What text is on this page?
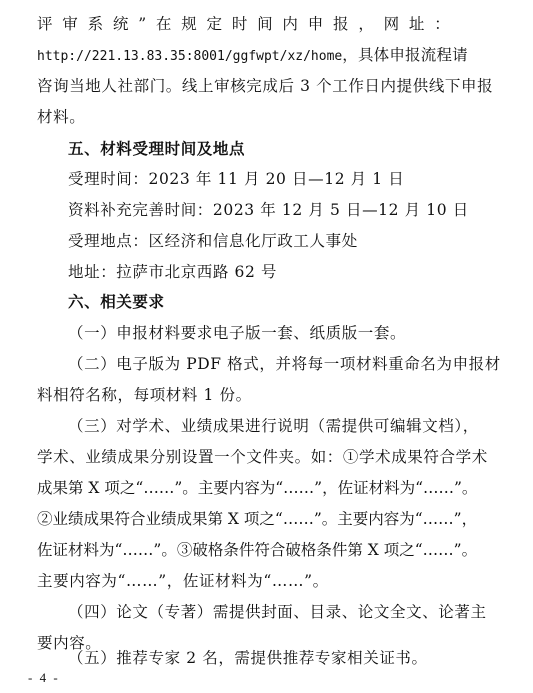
评审系统”在规定时间内申报，网址：
http://221.13.83.35:8001/ggfwpt/xz/home，具体申报流程请
咨询当地人社部门。线上审核完成后 3 个工作日内提供线下申报
材料。
五、材料受理时间及地点
受理时间：2023 年 11 月 20 日—12 月 1 日
资料补充完善时间：2023 年 12 月 5 日—12 月 10 日
受理地点：区经济和信息化厅政工人事处
地址：拉萨市北京西路 62 号
六、相关要求
（一）申报材料要求电子版一套、纸质版一套。
（二）电子版为 PDF 格式，并将每一项材料重命名为申报材
料相符名称，每项材料 1 份。
（三）对学术、业绩成果进行说明（需提供可编辑文档），
学术、业绩成果分别设置一个文件夹。如：①学术成果符合学术
成果第 X 项之“……”。主要内容为“……”，佐证材料为“……”。
②业绩成果符合业绩成果第 X 项之“……”。主要内容为“……”，
佐证材料为“……”。③破格条件符合破格条件第 X 项之“……”。
主要内容为“……”，佐证材料为“……”。
（四）论文（专著）需提供封面、目录、论文全文、论著主
要内容。
（五）推荐专家 2 名，需提供推荐专家相关证书。
- 4 -
